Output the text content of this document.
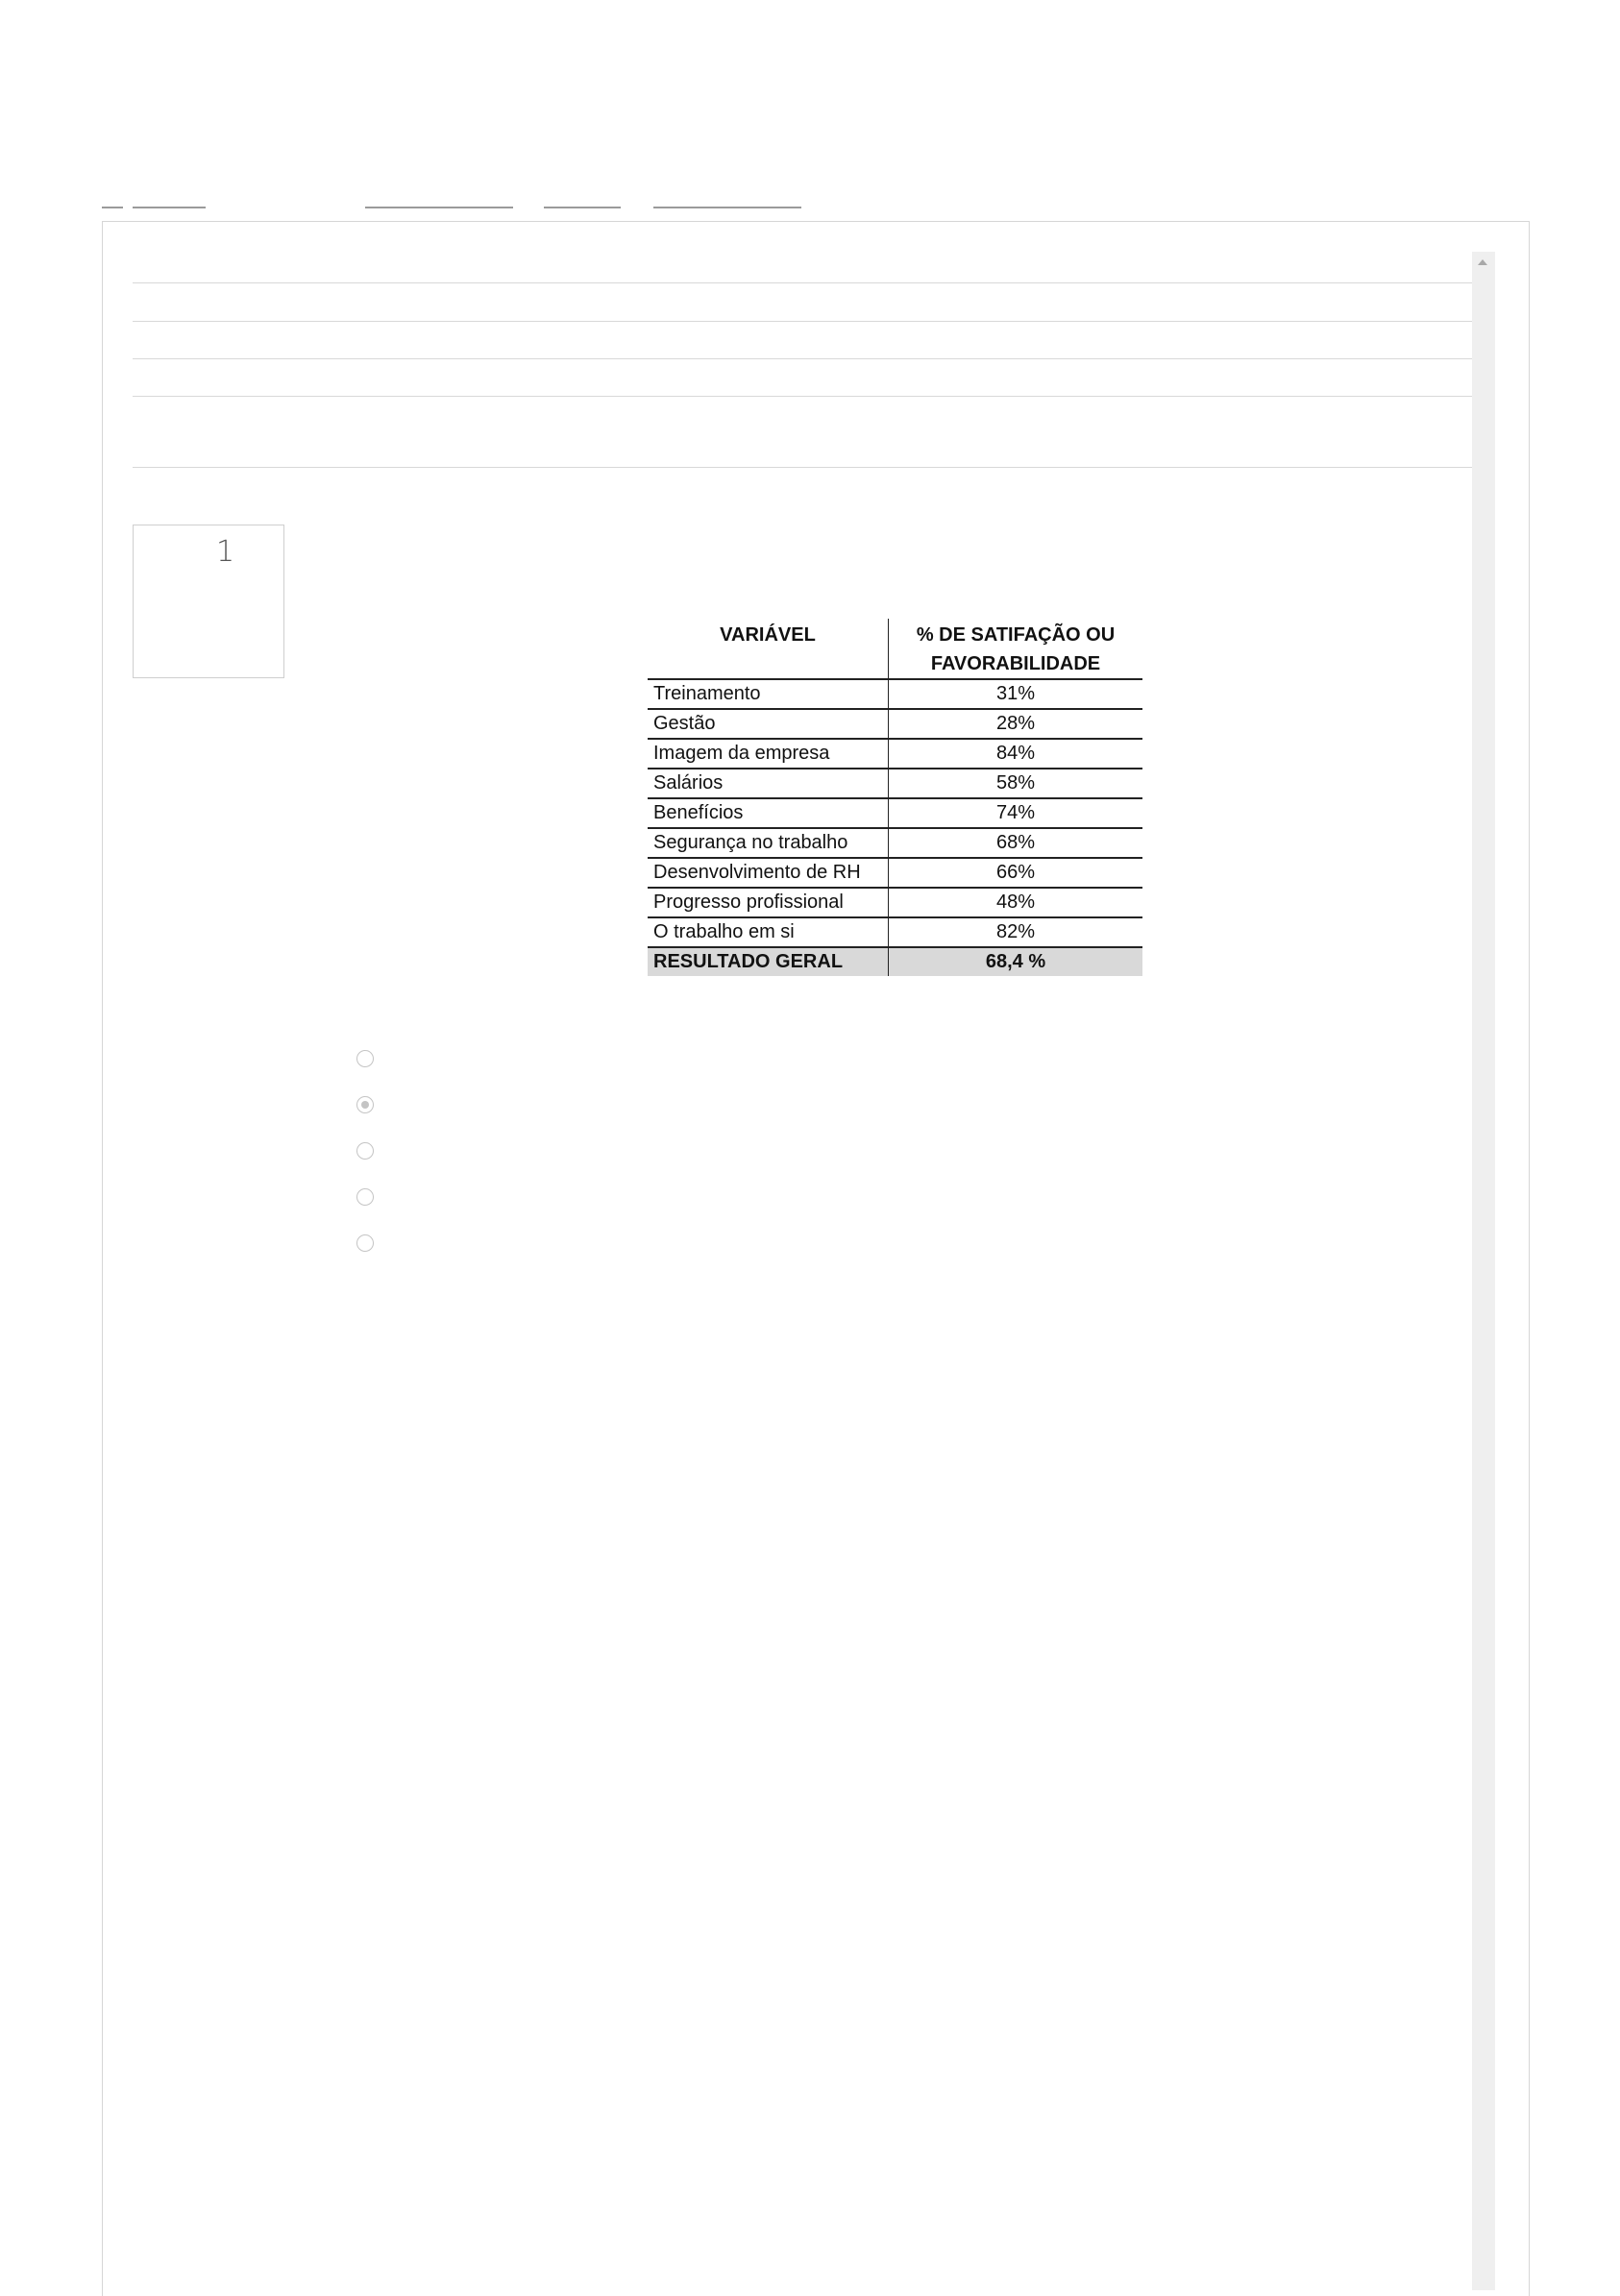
1
VARIÁVEL	% DE SATIFAÇÃO OU FAVORABILIDADE
Treinamento	31%
Gestão	28%
Imagem da empresa	84%
Salários	58%
Benefícios	74%
Segurança no trabalho	68%
Desenvolvimento de RH	66%
Progresso profissional	48%
O trabalho em si	82%
RESULTADO GERAL	68,4 %
